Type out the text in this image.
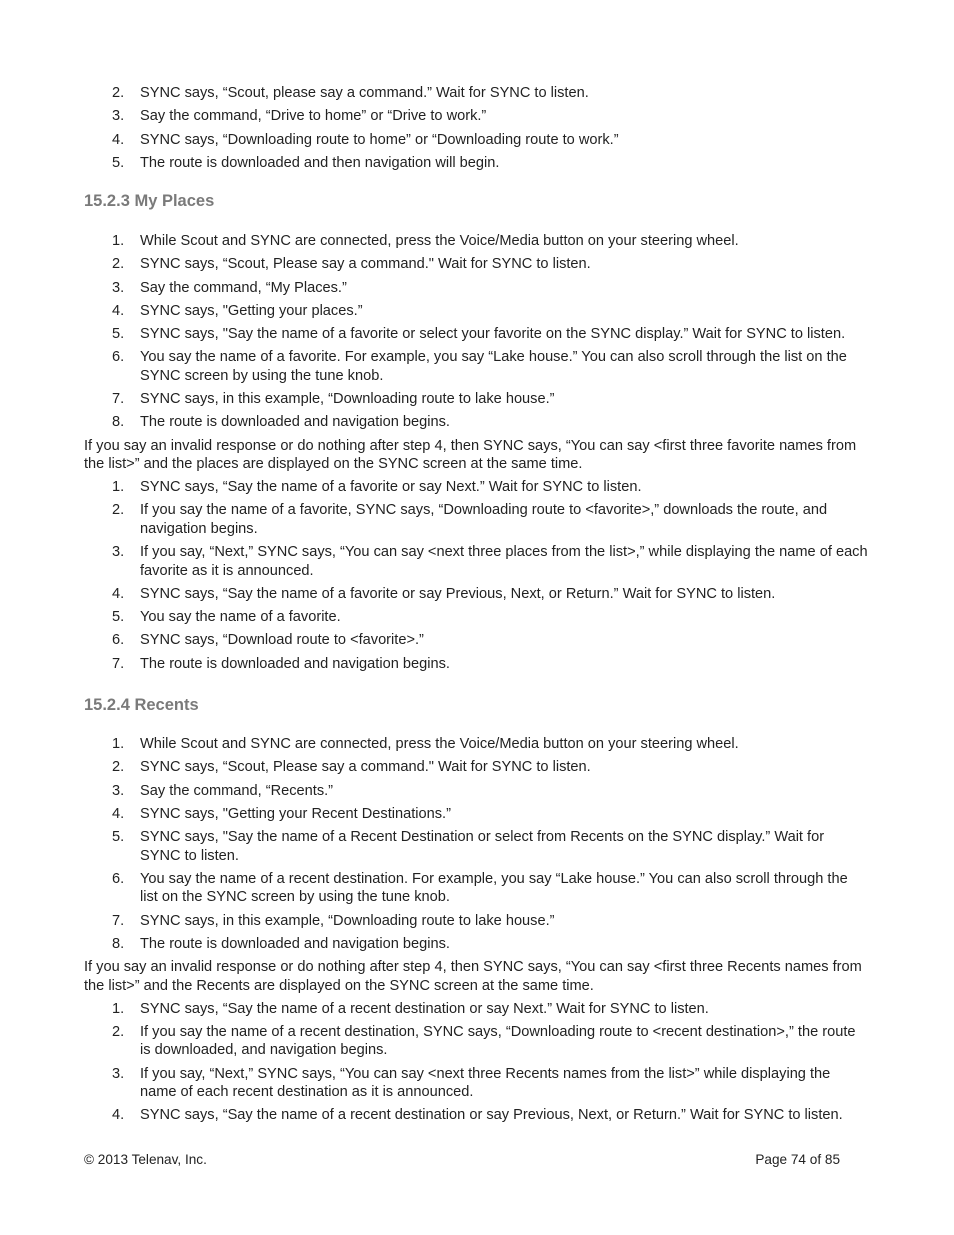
2. SYNC says, “Scout, please say a command.” Wait for SYNC to listen.
3. Say the command, “Drive to home” or “Drive to work.”
4. SYNC says, “Downloading route to home” or “Downloading route to work.”
5. The route is downloaded and then navigation will begin.
15.2.3 My Places
1. While Scout and SYNC are connected, press the Voice/Media button on your steering wheel.
2. SYNC says, “Scout, Please say a command." Wait for SYNC to listen.
3. Say the command, “My Places.”
4. SYNC says, "Getting your places.”
5. SYNC says, "Say the name of a favorite or select your favorite on the SYNC display.” Wait for SYNC to listen.
6. You say the name of a favorite. For example, you say “Lake house.” You can also scroll through the list on the SYNC screen by using the tune knob.
7. SYNC says, in this example, “Downloading route to lake house.”
8. The route is downloaded and navigation begins.

If you say an invalid response or do nothing after step 4, then SYNC says, “You can say <first three favorite names from the list>” and the places are displayed on the SYNC screen at the same time.

1. SYNC says, “Say the name of a favorite or say Next.” Wait for SYNC to listen.
2. If you say the name of a favorite, SYNC says, “Downloading route to <favorite>,” downloads the route, and navigation begins.
3. If you say, “Next,” SYNC says, “You can say <next three places from the list>,” while displaying the name of each favorite as it is announced.
4. SYNC says, “Say the name of a favorite or say Previous, Next, or Return.” Wait for SYNC to listen.
5. You say the name of a favorite.
6. SYNC says, “Download route to <favorite>.”
7. The route is downloaded and navigation begins.
15.2.4 Recents
1. While Scout and SYNC are connected, press the Voice/Media button on your steering wheel.
2. SYNC says, “Scout, Please say a command." Wait for SYNC to listen.
3. Say the command, “Recents.”
4. SYNC says, "Getting your Recent Destinations.”
5. SYNC says, "Say the name of a Recent Destination or select from Recents on the SYNC display.” Wait for SYNC to listen.
6. You say the name of a recent destination. For example, you say “Lake house.” You can also scroll through the list on the SYNC screen by using the tune knob.
7. SYNC says, in this example, “Downloading route to lake house.”
8. The route is downloaded and navigation begins.

If you say an invalid response or do nothing after step 4, then SYNC says, “You can say <first three Recents names from the list>” and the Recents are displayed on the SYNC screen at the same time.

1. SYNC says, “Say the name of a recent destination or say Next.” Wait for SYNC to listen.
2. If you say the name of a recent destination, SYNC says, “Downloading route to <recent destination>,” the route is downloaded, and navigation begins.
3. If you say, “Next,” SYNC says, “You can say <next three Recents names from the list>” while displaying the name of each recent destination as it is announced.
4. SYNC says, “Say the name of a recent destination or say Previous, Next, or Return.” Wait for SYNC to listen.
© 2013 Telenav, Inc.	Page 74 of 85
